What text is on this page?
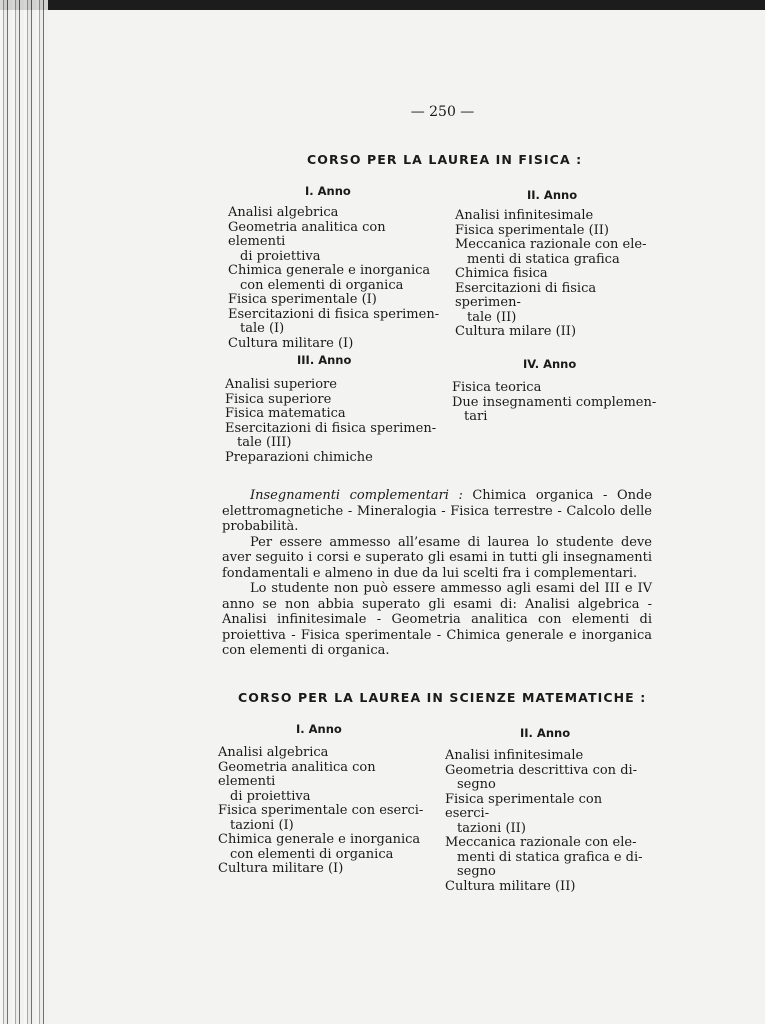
— 250 —
CORSO PER LA LAUREA IN FISICA :
I. Anno
Analisi algebrica
Geometria analitica con elementi
di proiettiva
Chimica generale e inorganica
con elementi di organica
Fisica sperimentale (I)
Esercitazioni di fisica sperimen-
tale (I)
Cultura militare (I)
II. Anno
Analisi infinitesimale
Fisica sperimentale (II)
Meccanica razionale con ele-
menti di statica grafica
Chimica fisica
Esercitazioni di fisica sperimen-
tale (II)
Cultura milare (II)
III. Anno
Analisi superiore
Fisica superiore
Fisica matematica
Esercitazioni di fisica sperimen-
tale (III)
Preparazioni chimiche
IV. Anno
Fisica teorica
Due insegnamenti complemen-
tari

Insegnamenti complementari : Chimica organica - Onde elettromagnetiche - Mineralogia - Fisica terrestre - Calcolo delle probabilità.

Per essere ammesso all’esame di laurea lo studente deve aver seguito i corsi e superato gli esami in tutti gli insegnamenti fondamentali e almeno in due da lui scelti fra i complementari.

Lo studente non può essere ammesso agli esami del III e IV anno se non abbia superato gli esami di: Analisi algebrica - Analisi infinitesimale - Geometria analitica con elementi di proiettiva - Fisica sperimentale - Chimica generale e inorganica con elementi di organica.

CORSO PER LA LAUREA IN SCIENZE MATEMATICHE :
I. Anno
Analisi algebrica
Geometria analitica con elementi
di proiettiva
Fisica sperimentale con eserci-
tazioni (I)
Chimica generale e inorganica
con elementi di organica
Cultura militare (I)
II. Anno
Analisi infinitesimale
Geometria descrittiva con di-
segno
Fisica sperimentale con eserci-
tazioni (II)
Meccanica razionale con ele-
menti di statica grafica e di-
segno
Cultura militare (II)
